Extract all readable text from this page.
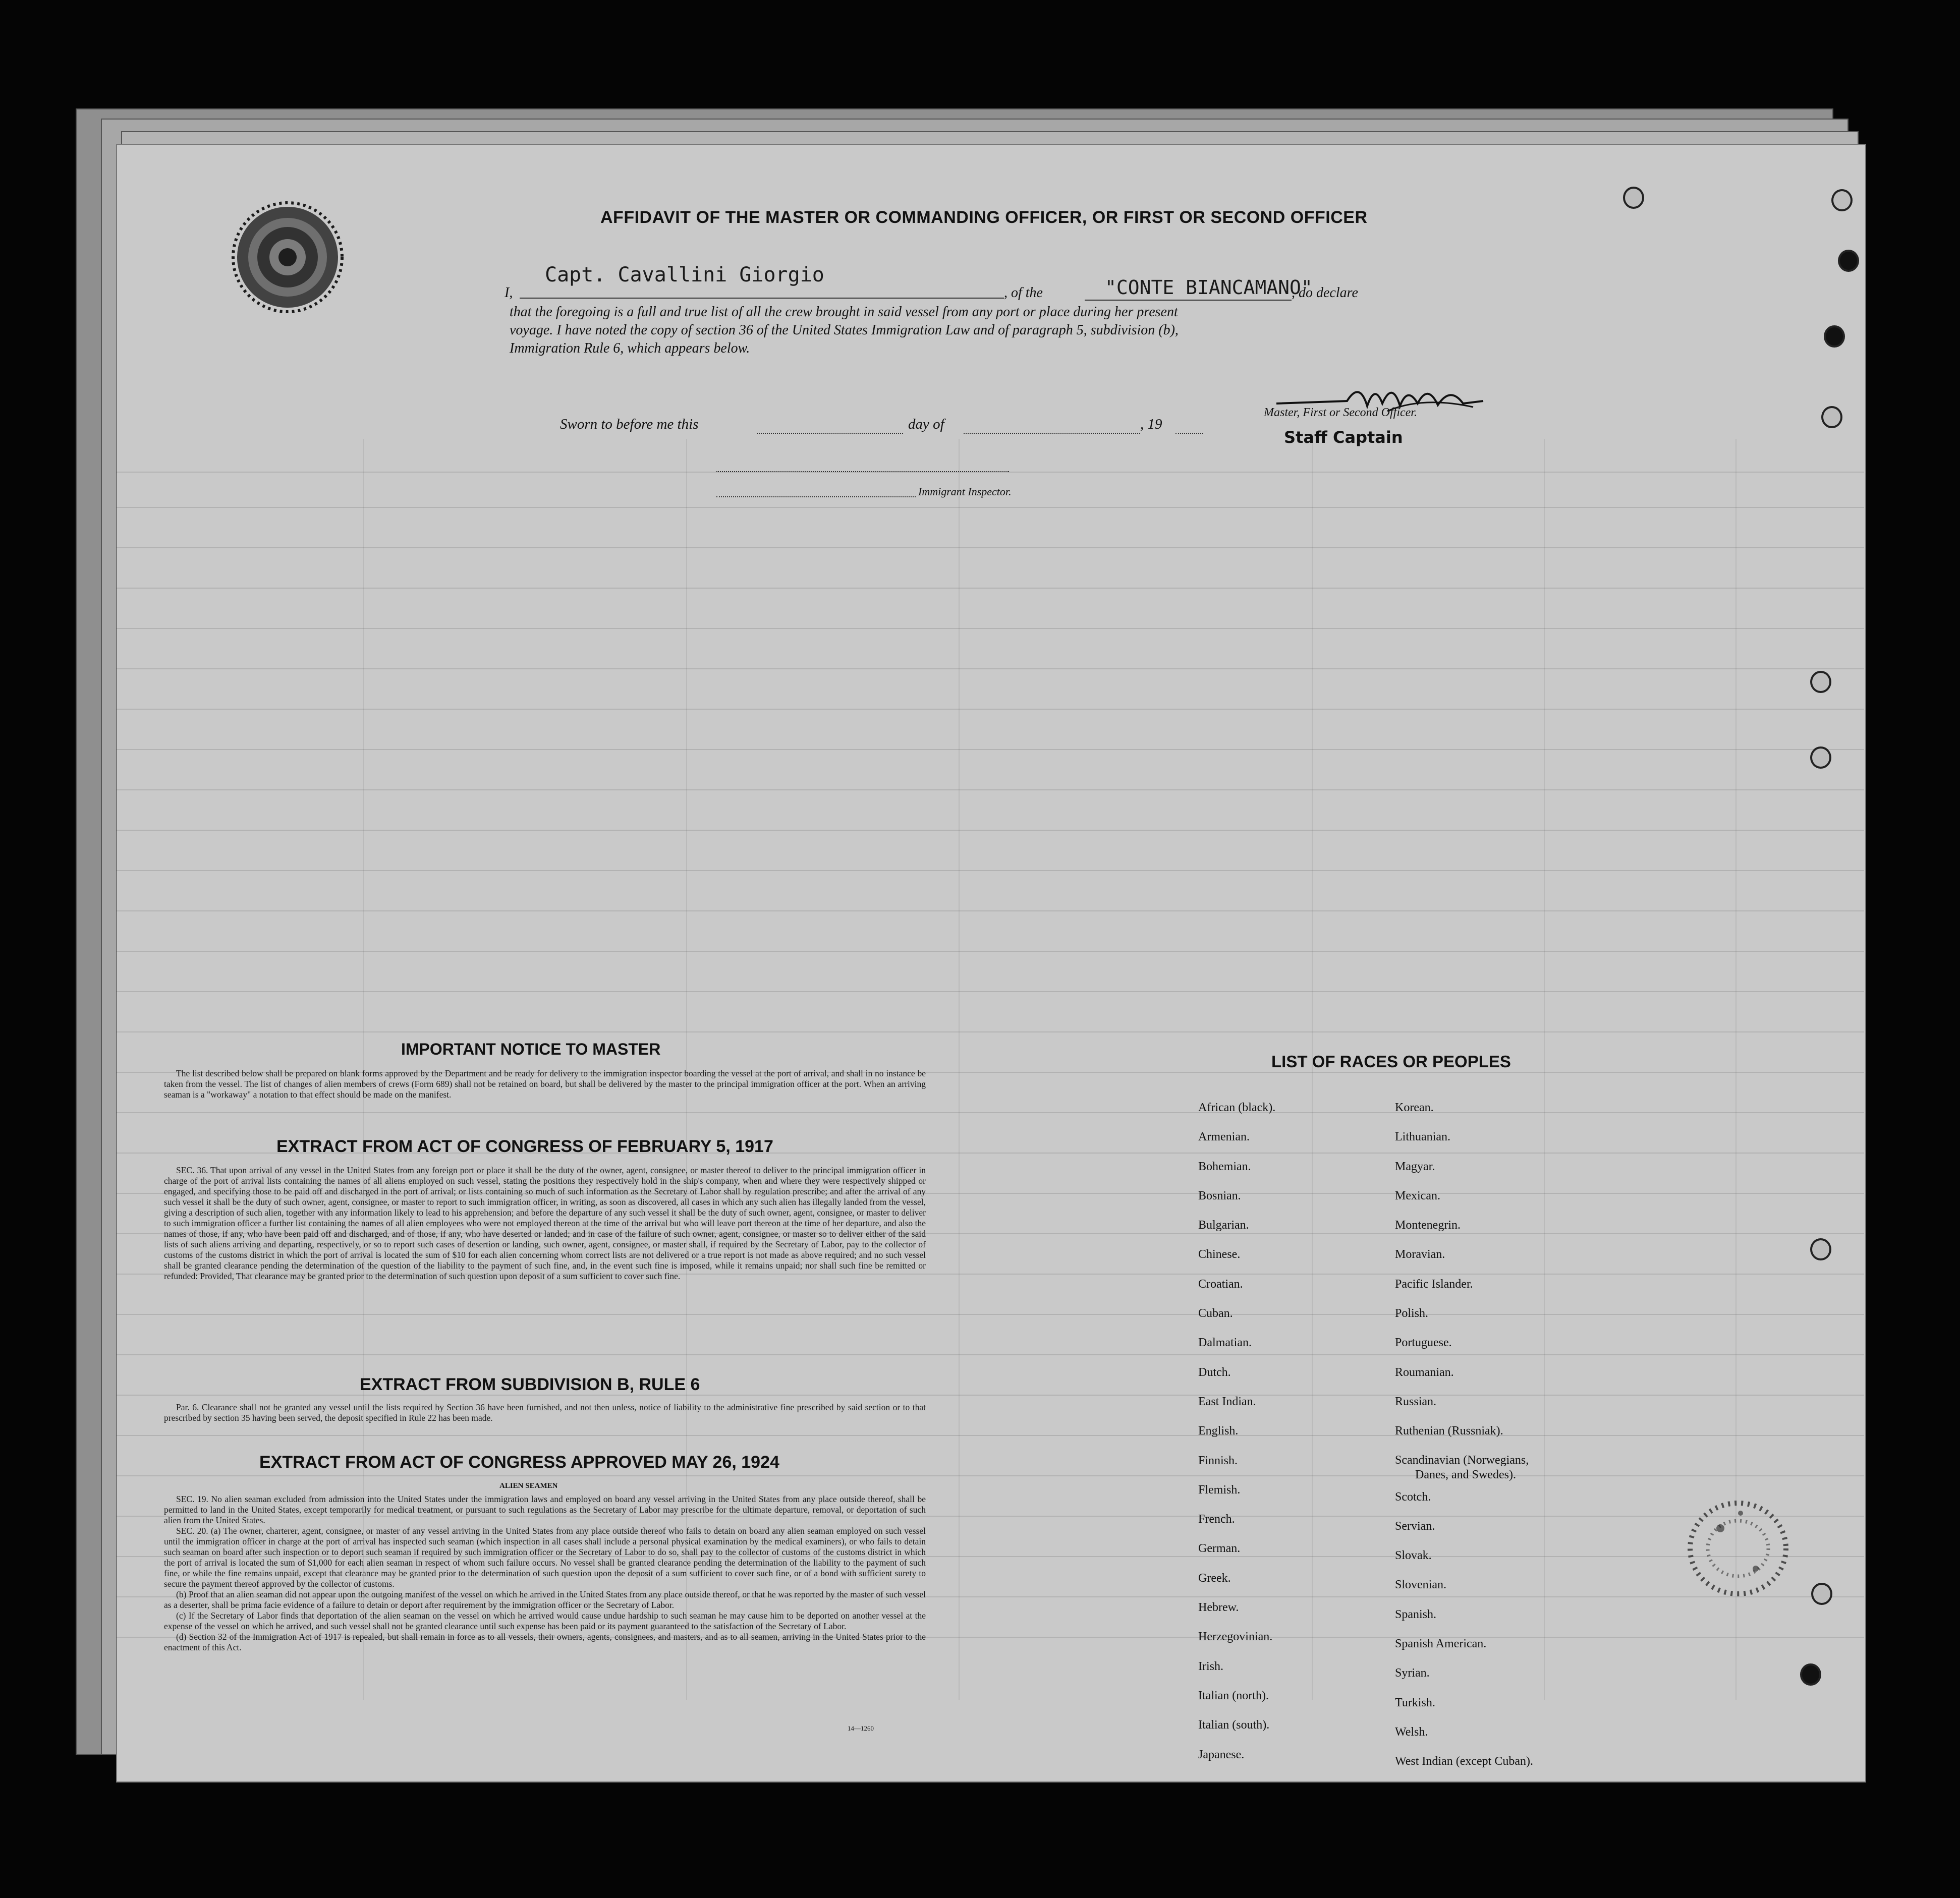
AFFIDAVIT OF THE MASTER OR COMMANDING OFFICER, OR FIRST OR SECOND OFFICER
I,
Capt. Cavallini Giorgio
, of the	"CONTE BIANCAMANO"
, do declare
that the foregoing is a full and true list of all the crew brought in said vessel from any port or place during her present
voyage. I have noted the copy of section 36 of the United States Immigration Law and of paragraph 5, subdivision (b),
Immigration Rule 6, which appears below.
Master, First or Second Officer.
Staff Captain
Sworn to before me this	day of	, 19
Immigrant Inspector.
IMPORTANT NOTICE TO MASTER

The list described below shall be prepared on blank forms approved by the Department and be ready for delivery to the immigration inspector boarding the vessel at the port of arrival, and shall in no instance be taken from the vessel. The list of changes of alien members of crews (Form 689) shall not be retained on board, but shall be delivered by the master to the principal immigration officer at the port. When an arriving seaman is a "workaway" a notation to that effect should be made on the manifest.

EXTRACT FROM ACT OF CONGRESS OF FEBRUARY 5, 1917

SEC. 36. That upon arrival of any vessel in the United States from any foreign port or place it shall be the duty of the owner, agent, consignee, or master thereof to deliver to the principal immigration officer in charge of the port of arrival lists containing the names of all aliens employed on such vessel, stating the positions they respectively hold in the ship's company, when and where they were respectively shipped or engaged, and specifying those to be paid off and discharged in the port of arrival; or lists containing so much of such information as the Secretary of Labor shall by regulation prescribe; and after the arrival of any such vessel it shall be the duty of such owner, agent, consignee, or master to report to such immigration officer, in writing, as soon as discovered, all cases in which any such alien has illegally landed from the vessel, giving a description of such alien, together with any information likely to lead to his apprehension; and before the departure of any such vessel it shall be the duty of such owner, agent, consignee, or master to deliver to such immigration officer a further list containing the names of all alien employees who were not employed thereon at the time of the arrival but who will leave port thereon at the time of her departure, and also the names of those, if any, who have been paid off and discharged, and of those, if any, who have deserted or landed; and in case of the failure of such owner, agent, consignee, or master so to deliver either of the said lists of such aliens arriving and departing, respectively, or so to report such cases of desertion or landing, such owner, agent, consignee, or master shall, if required by the Secretary of Labor, pay to the collector of customs of the customs district in which the port of arrival is located the sum of $10 for each alien concerning whom correct lists are not delivered or a true report is not made as above required; and no such vessel shall be granted clearance pending the determination of the question of the liability to the payment of such fine, and, in the event such fine is imposed, while it remains unpaid; nor shall such fine be remitted or refunded: Provided, That clearance may be granted prior to the determination of such question upon deposit of a sum sufficient to cover such fine.

EXTRACT FROM SUBDIVISION B, RULE 6

Par. 6. Clearance shall not be granted any vessel until the lists required by Section 36 have been furnished, and not then unless, notice of liability to the administrative fine prescribed by said section or to that prescribed by section 35 having been served, the deposit specified in Rule 22 has been made.

EXTRACT FROM ACT OF CONGRESS APPROVED MAY 26, 1924
ALIEN SEAMEN

SEC. 19. No alien seaman excluded from admission into the United States under the immigration laws and employed on board any vessel arriving in the United States from any place outside thereof, shall be permitted to land in the United States, except temporarily for medical treatment, or pursuant to such regulations as the Secretary of Labor may prescribe for the ultimate departure, removal, or deportation of such alien from the United States.

SEC. 20. (a) The owner, charterer, agent, consignee, or master of any vessel arriving in the United States from any place outside thereof who fails to detain on board any alien seaman employed on such vessel until the immigration officer in charge at the port of arrival has inspected such seaman (which inspection in all cases shall include a personal physical examination by the medical examiners), or who fails to detain such seaman on board after such inspection or to deport such seaman if required by such immigration officer or the Secretary of Labor to do so, shall pay to the collector of customs of the customs district in which the port of arrival is located the sum of $1,000 for each alien seaman in respect of whom such failure occurs. No vessel shall be granted clearance pending the determination of the liability to the payment of such fine, or while the fine remains unpaid, except that clearance may be granted prior to the determination of such question upon the deposit of a sum sufficient to cover such fine, or of a bond with sufficient surety to secure the payment thereof approved by the collector of customs.

(b) Proof that an alien seaman did not appear upon the outgoing manifest of the vessel on which he arrived in the United States from any place outside thereof, or that he was reported by the master of such vessel as a deserter, shall be prima facie evidence of a failure to detain or deport after requirement by the immigration officer or the Secretary of Labor.

(c) If the Secretary of Labor finds that deportation of the alien seaman on the vessel on which he arrived would cause undue hardship to such seaman he may cause him to be deported on another vessel at the expense of the vessel on which he arrived, and such vessel shall not be granted clearance until such expense has been paid or its payment guaranteed to the satisfaction of the Secretary of Labor.

(d) Section 32 of the Immigration Act of 1917 is repealed, but shall remain in force as to all vessels, their owners, agents, consignees, and masters, and as to all seamen, arriving in the United States prior to the enactment of this Act.

14—1260
LIST OF RACES OR PEOPLES
African (black).
Armenian.
Bohemian.
Bosnian.
Bulgarian.
Chinese.
Croatian.
Cuban.
Dalmatian.
Dutch.
East Indian.
English.
Finnish.
Flemish.
French.
German.
Greek.
Hebrew.
Herzegovinian.
Irish.
Italian (north).
Italian (south).
Japanese.
Korean.
Lithuanian.
Magyar.
Mexican.
Montenegrin.
Moravian.
Pacific Islander.
Polish.
Portuguese.
Roumanian.
Russian.
Ruthenian (Russniak).
Scandinavian (Norwegians,
Danes, and Swedes).
Scotch.
Servian.
Slovak.
Slovenian.
Spanish.
Spanish American.
Syrian.
Turkish.
Welsh.
West Indian (except Cuban).
